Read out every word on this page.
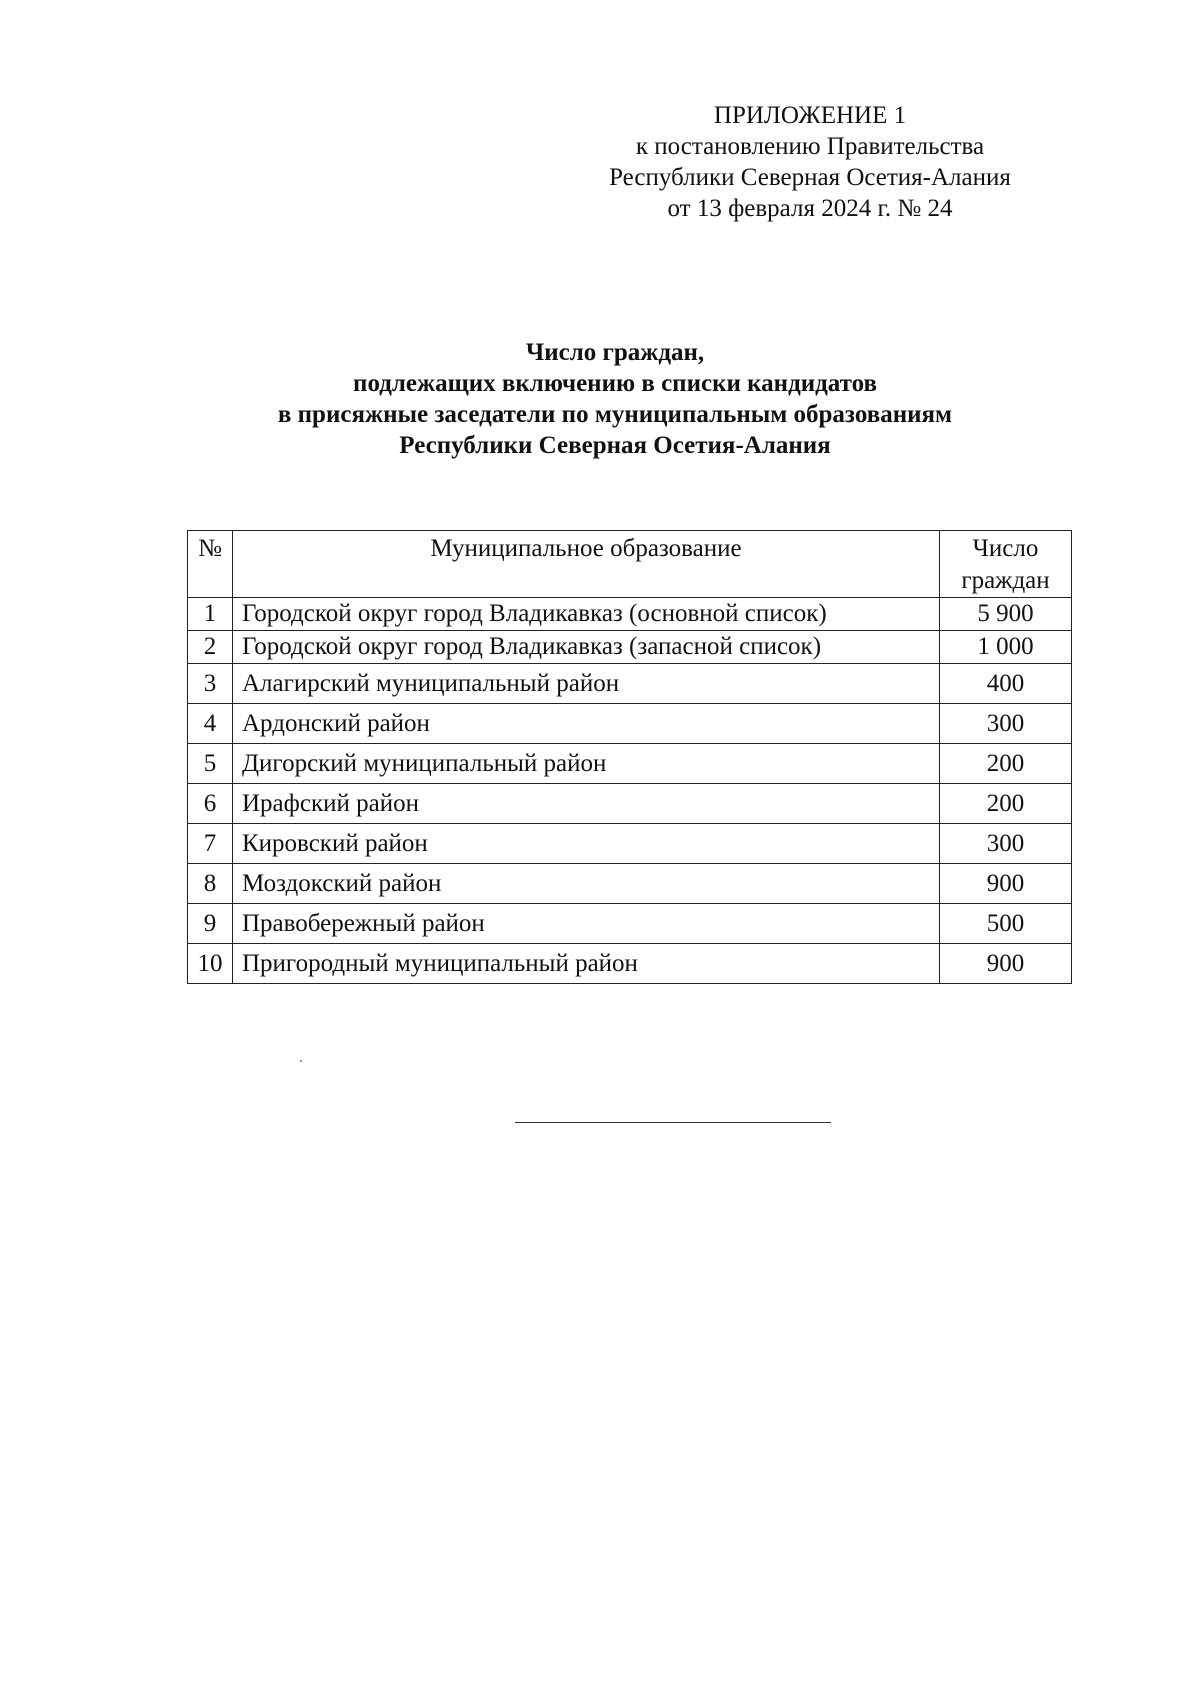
ПРИЛОЖЕНИЕ 1
к постановлению Правительства
Республики Северная Осетия-Алания
от 13 февраля 2024 г. № 24
Число граждан,
подлежащих включению в списки кандидатов
в присяжные заседатели по муниципальным образованиям
Республики Северная Осетия-Алания
№	Муниципальное образование	Число
граждан

1	Городской округ город Владикавказ (основной список)	5 900
2	Городской округ город Владикавказ (запасной список)	1 000
3	Алагирский муниципальный район	400
4	Ардонский район	300
5	Дигорский муниципальный район	200
6	Ирафский район	200
7	Кировский район	300
8	Моздокский район	900
9	Правобережный район	500
10	Пригородный муниципальный район	900
